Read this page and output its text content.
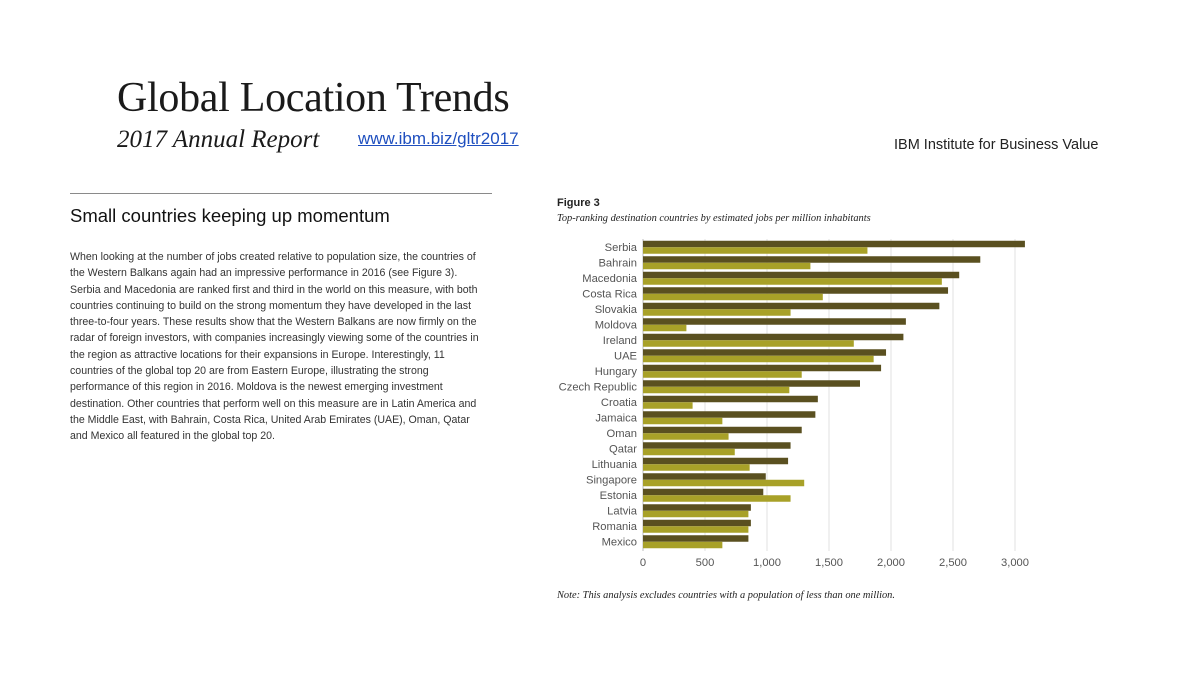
Global Location Trends
2017 Annual Report www.ibm.biz/gltr2017	IBM Institute for Business Value
Small countries keeping up momentum
When looking at the number of jobs created relative to population size, the countries of the Western Balkans again had an impressive performance in 2016 (see Figure 3). Serbia and Macedonia are ranked first and third in the world on this measure, with both countries continuing to build on the strong momentum they have developed in the last three-to-four years. These results show that the Western Balkans are now firmly on the radar of foreign investors, with companies increasingly viewing some of the countries in the region as attractive locations for their expansions in Europe. Interestingly, 11 countries of the global top 20 are from Eastern Europe, illustrating the strong performance of this region in 2016. Moldova is the newest emerging investment destination. Other countries that perform well on this measure are in Latin America and the Middle East, with Bahrain, Costa Rica, United Arab Emirates (UAE), Oman, Qatar and Mexico all featured in the global top 20.
Figure 3
Top-ranking destination countries by estimated jobs per million inhabitants
Serbia
Bahrain
Macedonia
Costa Rica
Slovakia
Moldova
Ireland
UAE
Hungary
Czech Republic
Croatia
Jamaica
Oman
Qatar
Lithuania
Singapore
Estonia
Latvia
Romania
Mexico
0	500	1,000	1,500	2,000	2,500	3,000
Note: This analysis excludes countries with a population of less than one million.
